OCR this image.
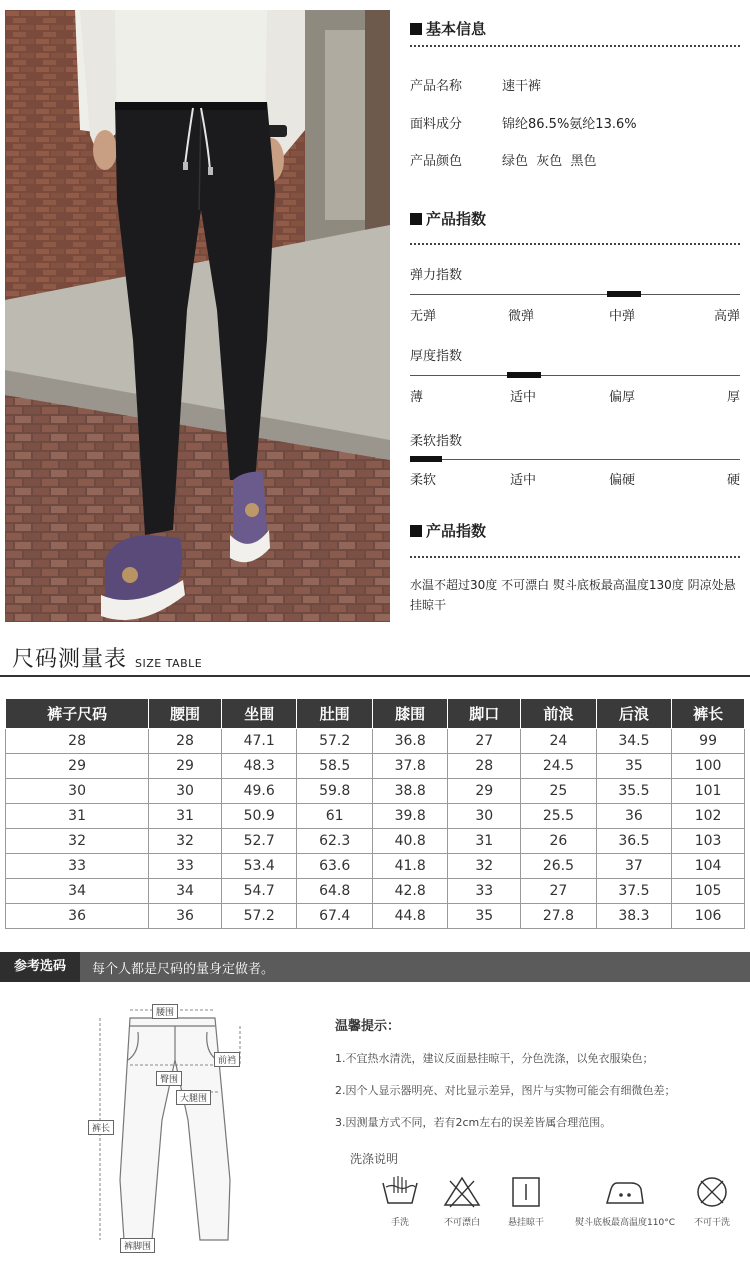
基本信息
产品名称	速干裤
面料成分	锦纶86.5%氨纶13.6%
产品颜色	绿色  灰色  黑色
产品指数
弹力指数
无弹	微弹	中弹	高弹
厚度指数
薄	适中	偏厚	厚
柔软指数
柔软	适中	偏硬	硬
产品指数
水温不超过30度 不可漂白 熨斗底板最高温度130度 阴凉处悬挂晾干
尺码测量表 SIZE TABLE
裤子尺码	腰围	坐围	肚围	膝围	脚口	前浪	后浪	裤长
28	28	47.1	57.2	36.8	27	24	34.5	99
29	29	48.3	58.5	37.8	28	24.5	35	100
30	30	49.6	59.8	38.8	29	25	35.5	101
31	31	50.9	61	39.8	30	25.5	36	102
32	32	52.7	62.3	40.8	31	26	36.5	103
33	33	53.4	63.6	41.8	32	26.5	37	104
34	34	54.7	64.8	42.8	33	27	37.5	105
36	36	57.2	67.4	44.8	35	27.8	38.3	106
参考选码	每个人都是尺码的量身定做者。
腰围
前裆
臀围
大腿围
裤长
裤脚围
温馨提示：
1.不宜热水清洗，建议反面悬挂晾干，分色洗涤，以免衣服染色；
2.因个人显示器明亮、对比显示差异，图片与实物可能会有细微色差；
3.因测量方式不同，若有2cm左右的误差皆属合理范围。
洗涤说明
手洗	不可漂白	悬挂晾干	熨斗底板最高温度110°C	不可干洗
